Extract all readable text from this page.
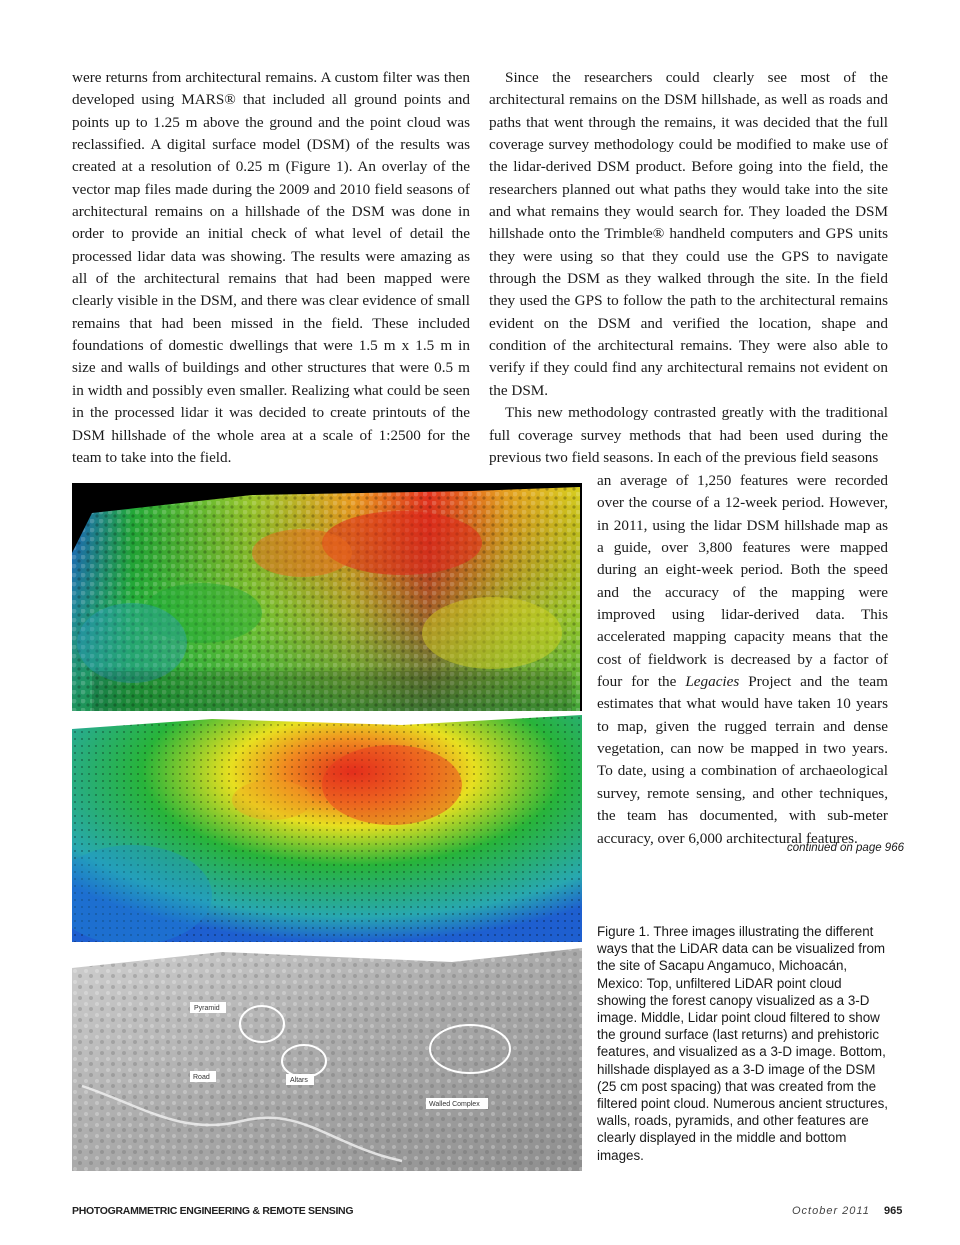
were returns from architectural remains. A custom filter was then developed using MARS® that included all ground points and points up to 1.25 m above the ground and the point cloud was reclassified. A digital surface model (DSM) of the results was created at a resolution of 0.25 m (Figure 1). An overlay of the vector map files made during the 2009 and 2010 field seasons of architectural remains on a hillshade of the DSM was done in order to provide an initial check of what level of detail the processed lidar data was showing. The results were amazing as all of the architectural remains that had been mapped were clearly visible in the DSM, and there was clear evidence of small remains that had been missed in the field. These included foundations of domestic dwellings that were 1.5 m x 1.5 m in size and walls of buildings and other structures that were 0.5 m in width and possibly even smaller. Realizing what could be seen in the processed lidar it was decided to create printouts of the DSM hillshade of the whole area at a scale of 1:2500 for the team to take into the field.

Since the researchers could clearly see most of the architectural remains on the DSM hillshade, as well as roads and paths that went through the remains, it was decided that the full coverage survey methodology could be modified to make use of the lidar-derived DSM product. Before going into the field, the researchers planned out what paths they would take into the site and what remains they would search for. They loaded the DSM hillshade onto the Trimble® handheld computers and GPS units they were using so that they could use the GPS to navigate through the DSM as they walked through the site. In the field they used the GPS to follow the path to the architectural remains evident on the DSM and verified the location, shape and condition of the architectural remains. They were also able to verify if they could find any architectural remains not evident on the DSM.

This new methodology contrasted greatly with the traditional full coverage survey methods that had been used during the previous two field seasons. In each of the previous field seasons

an average of 1,250 features were recorded over the course of a 12-week period. However, in 2011, using the lidar DSM hillshade map as a guide, over 3,800 features were mapped during an eight-week period. Both the speed and the accuracy of the mapping were improved using lidar-derived data. This accelerated mapping capacity means that the cost of fieldwork is decreased by a factor of four for the Legacies Project and the team estimates that what would have taken 10 years to map, given the rugged terrain and dense vegetation, can now be mapped in two years. To date, using a combination of archaeological survey, remote sensing, and other techniques, the team has documented, with sub-meter accuracy, over 6,000 architectural features.

continued on page 966
Pyramid
Road	Altars
Walled Complex
Figure 1. Three images illustrating the different ways that the LiDAR data can be visualized from the site of Sacapu Angamuco, Michoacán, Mexico: Top, unfiltered LiDAR point cloud showing the forest canopy visualized as a 3-D image. Middle, Lidar point cloud filtered to show the ground surface (last returns) and prehistoric features, and visualized as a 3-D image. Bottom, hillshade displayed as a 3-D image of the DSM (25 cm post spacing) that was created from the filtered point cloud. Numerous ancient structures, walls, roads, pyramids, and other features are clearly displayed in the middle and bottom images.
PHOTOGRAMMETRIC ENGINEERING & REMOTE SENSING	October 2011 965
